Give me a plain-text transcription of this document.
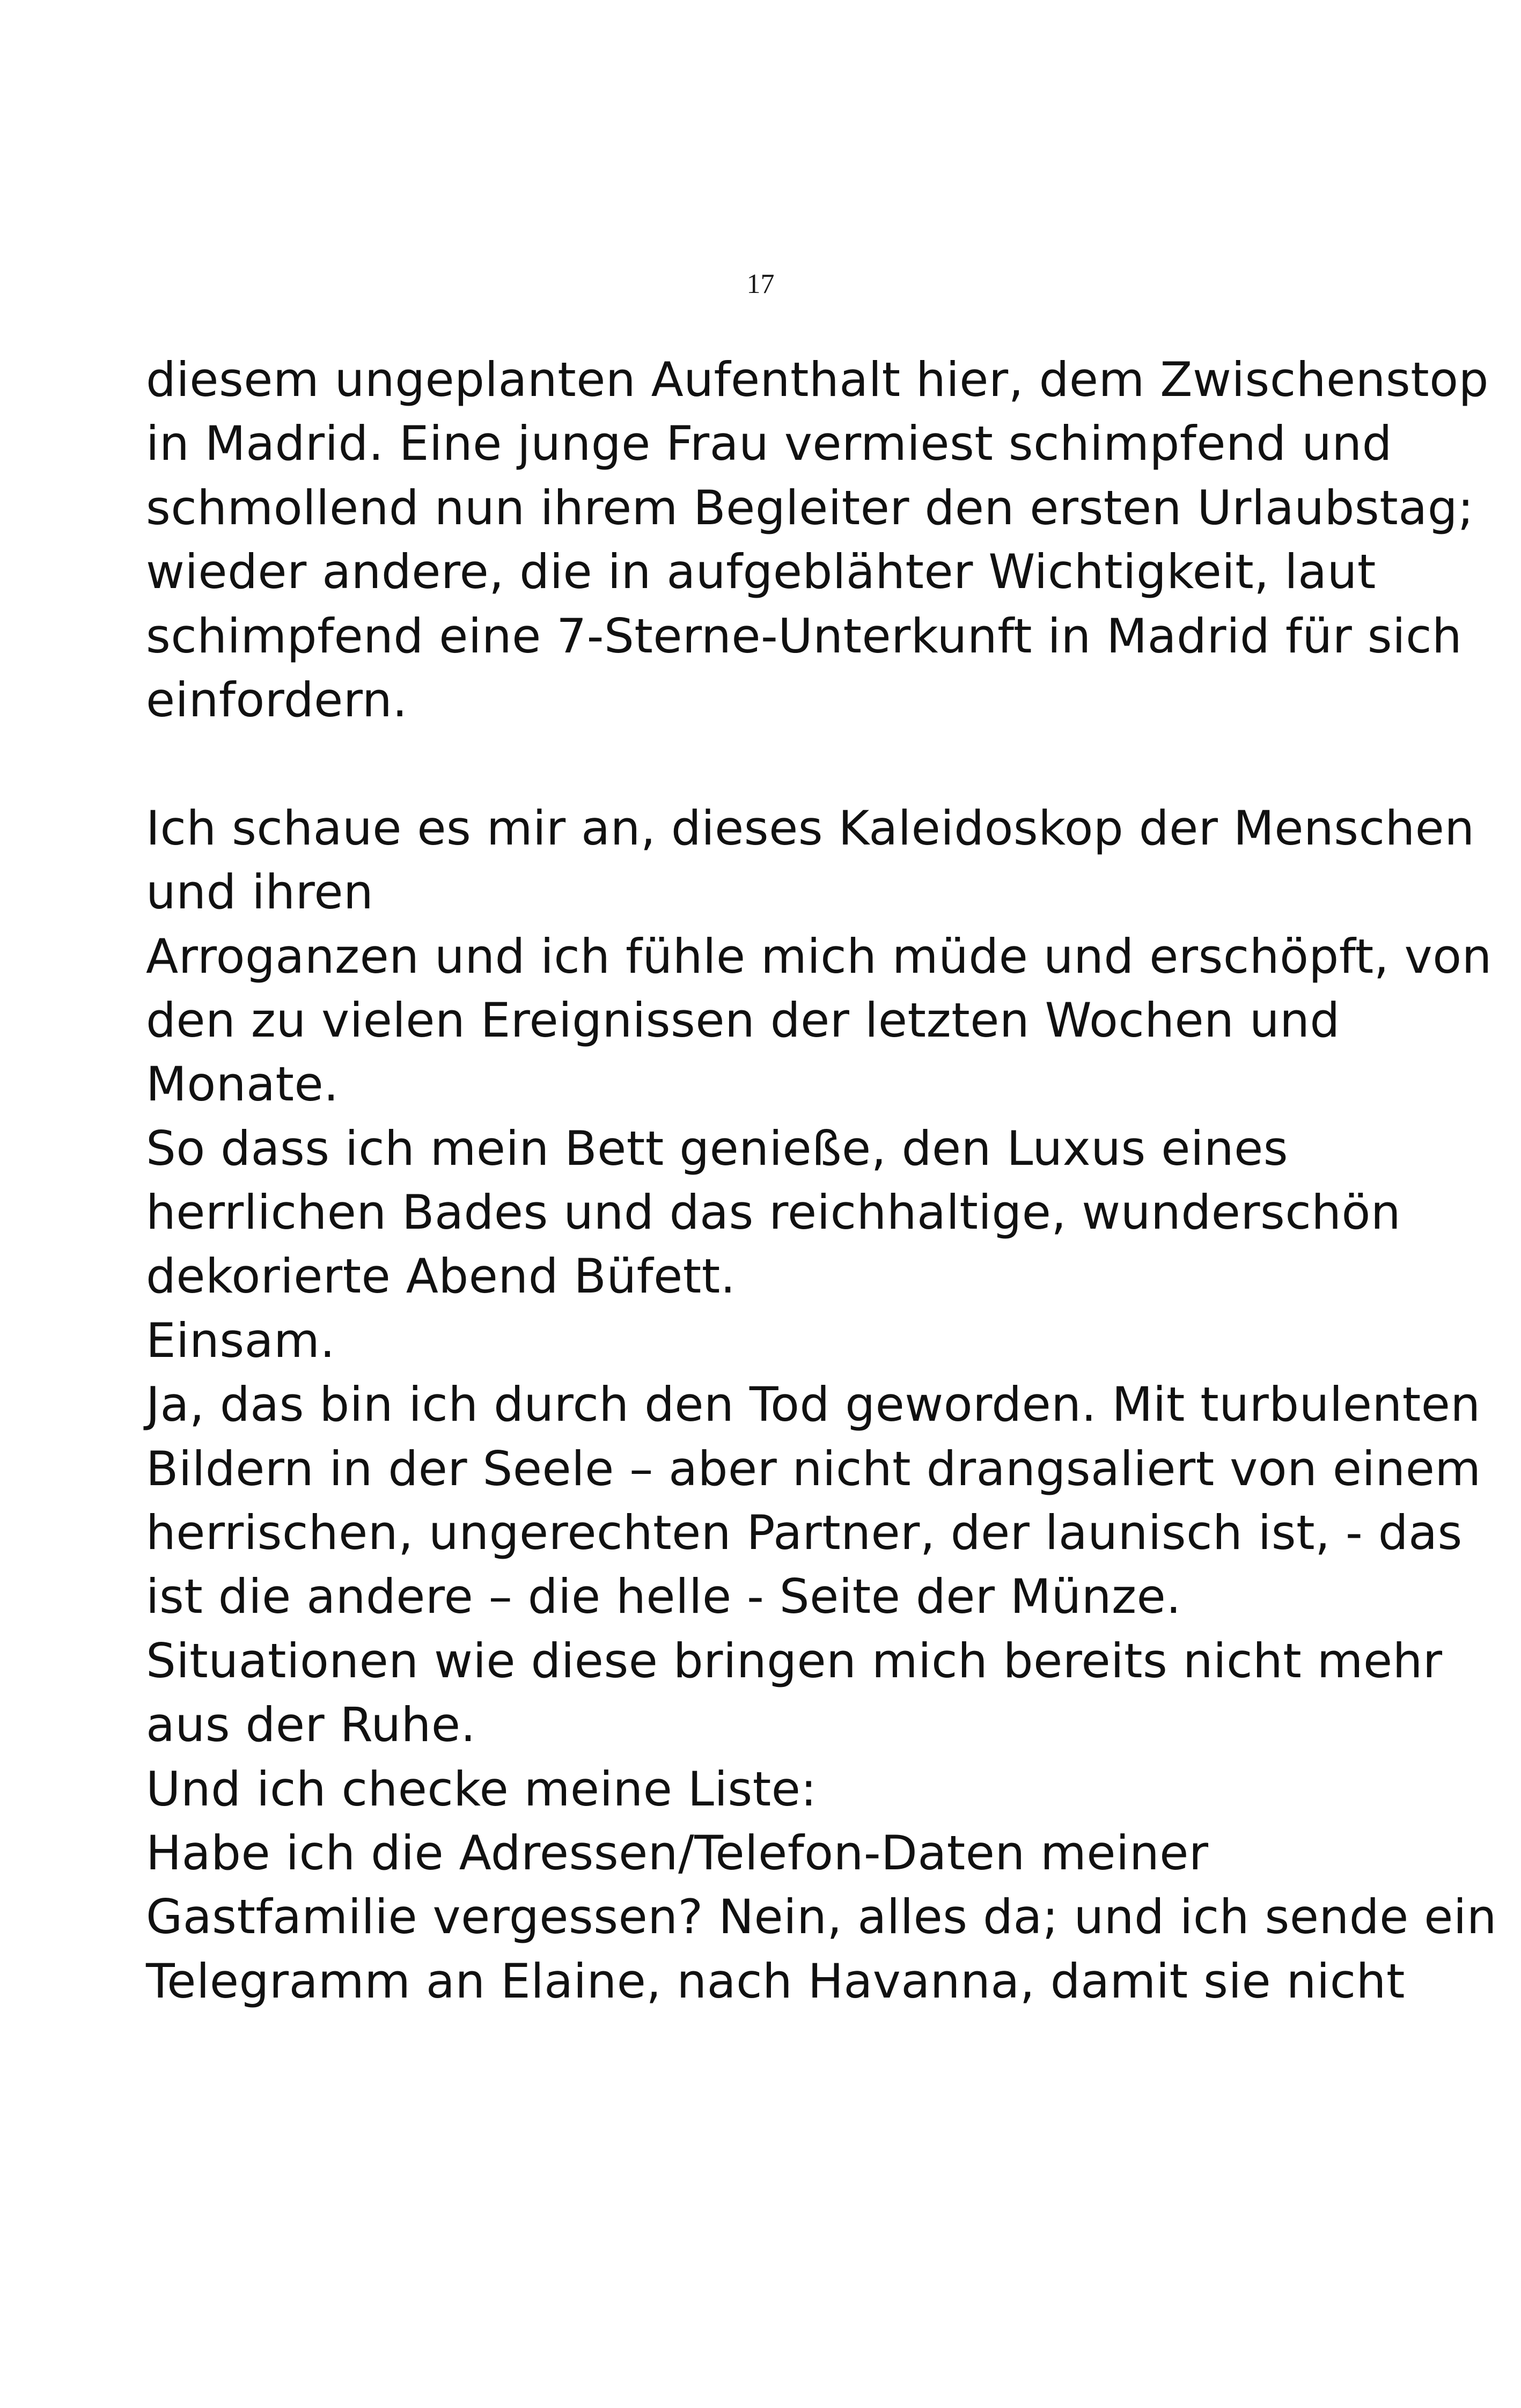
17
diesem ungeplanten Aufenthalt hier, dem Zwischenstop
in Madrid. Eine junge Frau vermiest schimpfend und
schmollend nun ihrem Begleiter den ersten Urlaubstag;
wieder andere, die in aufgeblähter Wichtigkeit, laut
schimpfend eine 7-Sterne-Unterkunft in Madrid für sich
einfordern.
Ich schaue es mir an, dieses Kaleidoskop der Menschen
und ihren
Arroganzen und ich fühle mich müde und erschöpft, von
den zu vielen Ereignissen der letzten Wochen und
Monate.
So dass ich mein Bett genieße, den Luxus eines
herrlichen Bades und das reichhaltige, wunderschön
dekorierte Abend Büfett.
Einsam.
Ja, das bin ich durch den Tod geworden. Mit turbulenten
Bildern in der Seele – aber nicht drangsaliert von einem
herrischen, ungerechten Partner, der launisch ist, - das
ist die andere – die helle - Seite der Münze.
Situationen wie diese bringen mich bereits nicht mehr
aus der Ruhe.
Und ich checke meine Liste:
Habe ich die Adressen/Telefon-Daten meiner
Gastfamilie vergessen? Nein, alles da; und ich sende ein
Telegramm an Elaine, nach Havanna, damit sie nicht
